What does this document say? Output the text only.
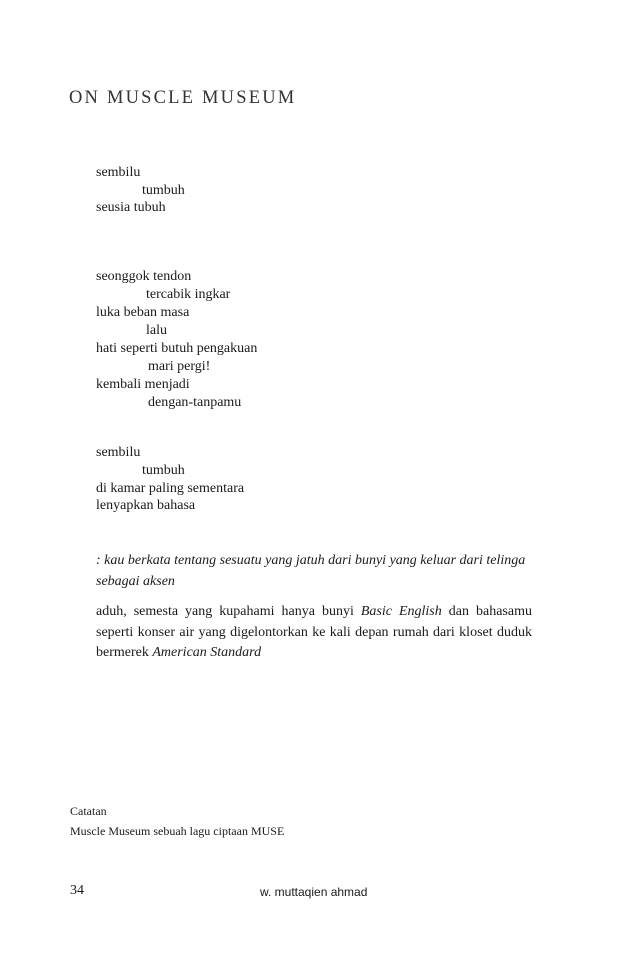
ON MUSCLE MUSEUM
sembilu
tumbuh
seusia tubuh
seonggok tendon
tercabik ingkar
luka beban masa
lalu
hati seperti butuh pengakuan
mari pergi!
kembali menjadi
dengan-tanpamu
sembilu
tumbuh
di kamar paling sementara
lenyapkan bahasa

: kau berkata tentang sesuatu yang jatuh dari bunyi yang keluar dari telinga sebagai aksen

aduh, semesta yang kupahami hanya bunyi Basic English dan bahasamu seperti konser air yang digelontorkan ke kali depan rumah dari kloset duduk bermerek American Standard

Catatan
Muscle Museum sebuah lagu ciptaan MUSE
34	w. muttaqien ahmad
